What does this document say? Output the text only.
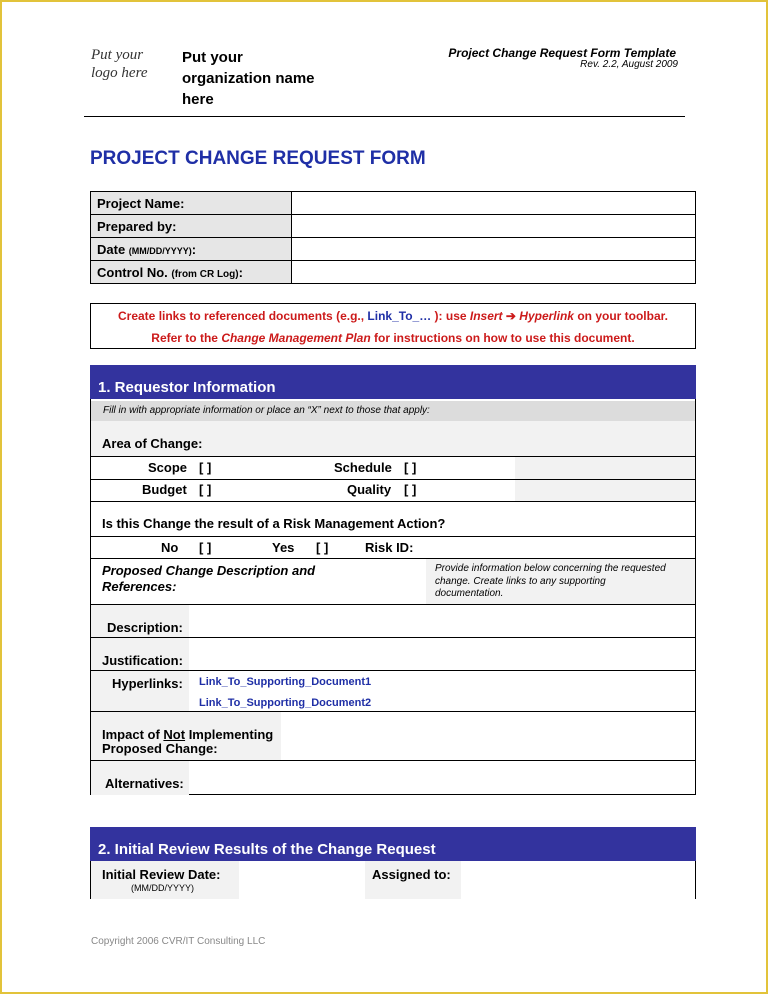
Put your logo here
Put your organization name here
Project Change Request Form Template
Rev. 2.2, August 2009
PROJECT CHANGE REQUEST FORM
Project Name:	
Prepared by:	
Date (MM/DD/YYYY):	
Control No. (from CR Log):	
Create links to referenced documents (e.g., Link_To_… ): use Insert ➔ Hyperlink on your toolbar.
Refer to the Change Management Plan for instructions on how to use this document.
1. Requestor Information
Fill in with appropriate information or place an “X” next to those that apply:
Area of Change:
Scope [ ]	Schedule [ ]
Budget [ ]	Quality [ ]
Is this Change the result of a Risk Management Action?
No [ ]	Yes [ ]	Risk ID:
Proposed Change Description and References:
Provide information below concerning the requested change. Create links to any supporting documentation.
Description:
Justification:
Hyperlinks: Link_To_Supporting_Document1
Link_To_Supporting_Document2
Impact of Not Implementing
Proposed Change:
Alternatives:
2. Initial Review Results of the Change Request
Initial Review Date:
(MM/DD/YYYY)
Assigned to:
Copyright 2006 CVR/IT Consulting LLC
